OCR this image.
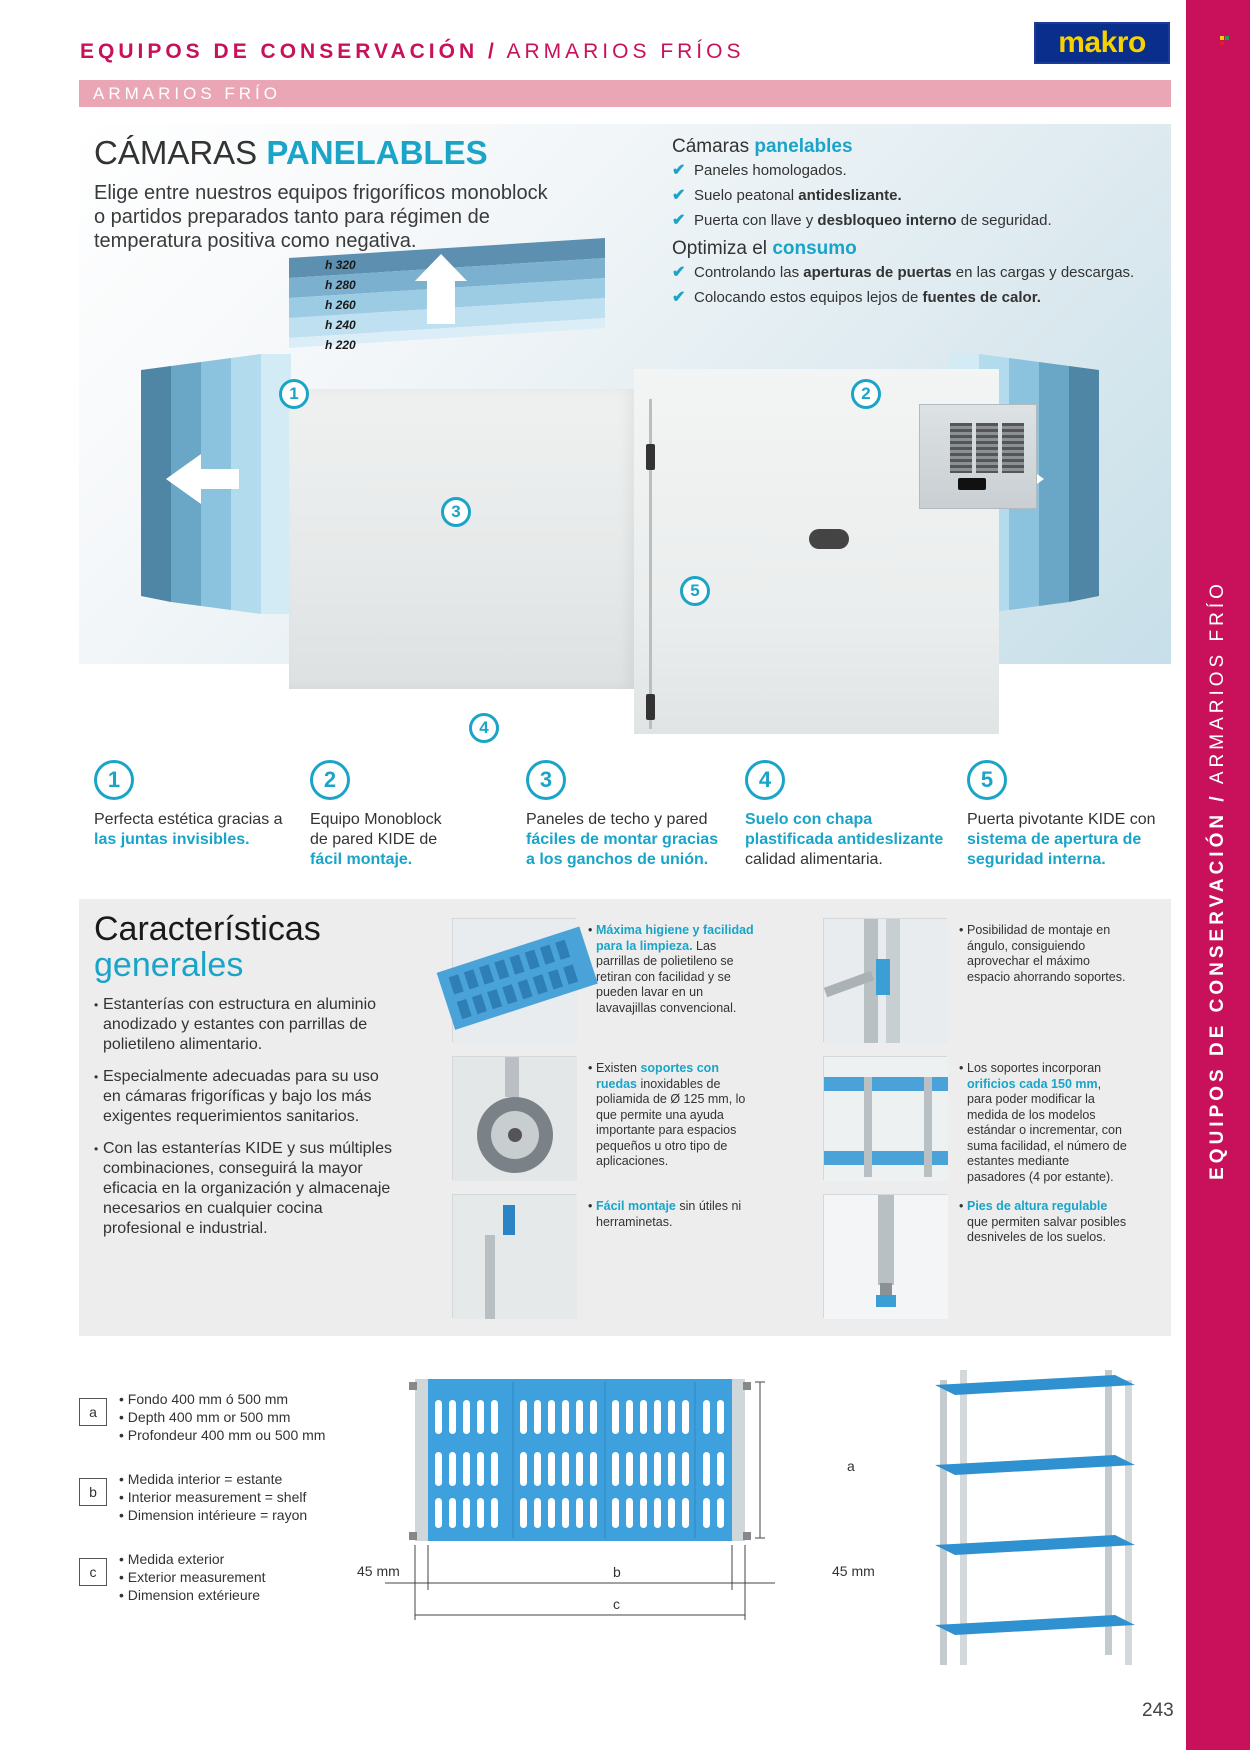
EQUIPOS DE CONSERVACIÓN / ARMARIOS FRÍO
EQUIPOS DE CONSERVACIÓN / ARMARIOS FRÍOS	makro
ARMARIOS FRÍO
CÁMARAS PANELABLES
Elige entre nuestros equipos frigoríficos monoblock o partidos preparados tanto para régimen de temperatura positiva como negativa.
h 320
h 280
h 260
h 240
h 220
1	2
3
4
5
Cámaras panelables
✔ Paneles homologados.
✔ Suelo peatonal antideslizante.
✔ Puerta con llave y desbloqueo interno de seguridad.
Optimiza el consumo
✔ Controlando las aperturas de puertas en las cargas y descargas.
✔ Colocando estos equipos lejos de fuentes de calor.
1
Perfecta estética gracias a las juntas invisibles.
2
Equipo Monoblock de pared KIDE de fácil montaje.
3
Paneles de techo y pared fáciles de montar gracias a los ganchos de unión.
4
Suelo con chapa plastificada antideslizante calidad alimentaria.
5
Puerta pivotante KIDE con sistema de apertura de seguridad interna.
Características
generales
• Estanterías con estructura en aluminio anodizado y estantes con parrillas de polietileno alimentario.
• Especialmente adecuadas para su uso en cámaras frigoríficas y bajo los más exigentes requerimientos sanitarios.
• Con las estanterías KIDE y sus múltiples combinaciones, conseguirá la mayor eficacia en la organización y almacenaje necesarios en cualquier cocina profesional e industrial.
• Máxima higiene y facilidad para la limpieza. Las parrillas de polietileno se retiran con facilidad y se pueden lavar en un lavavajillas convencional.
• Posibilidad de montaje en ángulo, consiguiendo aprovechar el máximo espacio ahorrando soportes.
• Existen soportes con ruedas inoxidables de poliamida de Ø 125 mm, lo que permite una ayuda importante para espacios pequeños u otro tipo de aplicaciones.
• Los soportes incorporan orificios cada 150 mm, para poder modificar la medida de los modelos estándar o incrementar, con suma facilidad, el número de estantes mediante pasadores (4 por estante).
• Fácil montaje sin útiles ni herraminetas.
• Pies de altura regulable que permiten salvar posibles desniveles de los suelos.
a
• Fondo 400 mm ó 500 mm
• Depth 400 mm or 500 mm
• Profondeur 400 mm ou 500 mm
b
• Medida interior = estante
• Interior measurement = shelf
• Dimension intérieure = rayon
c
• Medida exterior
• Exterior measurement
• Dimension extérieure
a
b
c
45 mm	45 mm
243
